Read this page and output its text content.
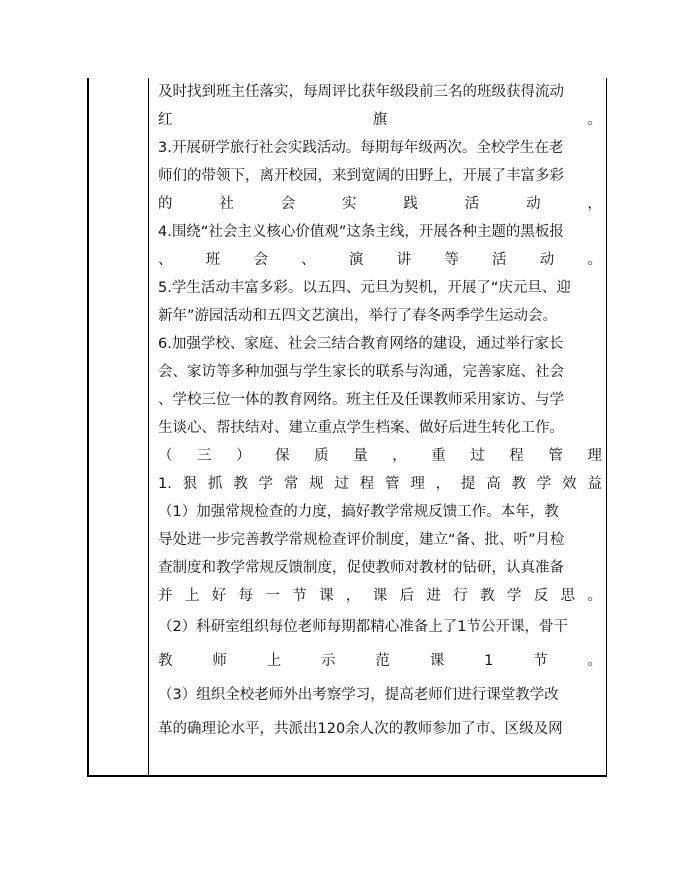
及时找到班主任落实，每周评比获年级段前三名的班级获得流动
红	旗	。
3.开展研学旅行社会实践活动。每期每年级两次。全校学生在老
师们的带领下，离开校园，来到宽阔的田野上，开展了丰富多彩
的	社	会	实	践	活	动	，
4.围绕“社会主义核心价值观”这条主线，开展各种主题的黑板报
、 班 会 、 演 讲 等 活 动 。
5.学生活动丰富多彩。以五四、元旦为契机，开展了“庆元旦、迎
新年”游园活动和五四文艺演出，举行了春冬两季学生运动会。
6.加强学校、家庭、社会三结合教育网络的建设，通过举行家长
会、家访等多种加强与学生家长的联系与沟通，完善家庭、社会
、学校三位一体的教育网络。班主任及任课教师采用家访、与学
生谈心、帮扶结对、建立重点学生档案、做好后进生转化工作。
（ 三 ） 保 质 量 ， 重 过 程 管 理
1. 狠 抓 教 学 常 规 过 程 管 理 ， 提 高 教 学 效 益
（1）加强常规检查的力度，搞好教学常规反馈工作。本年，教
导处进一步完善教学常规检查评价制度，建立“备、批、听”月检
查制度和教学常规反馈制度，促使教师对教材的钻研，认真准备
并 上 好 每 一 节 课 ， 课 后 进 行 教 学 反 思 。
（2）科研室组织每位老师每期都精心准备上了1节公开课，骨干
教	师	上	示	范	课	1	节	。
（3）组织全校老师外出考察学习，提高老师们进行课堂教学改
革的确理论水平，共派出120余人次的教师参加了市、区级及网
